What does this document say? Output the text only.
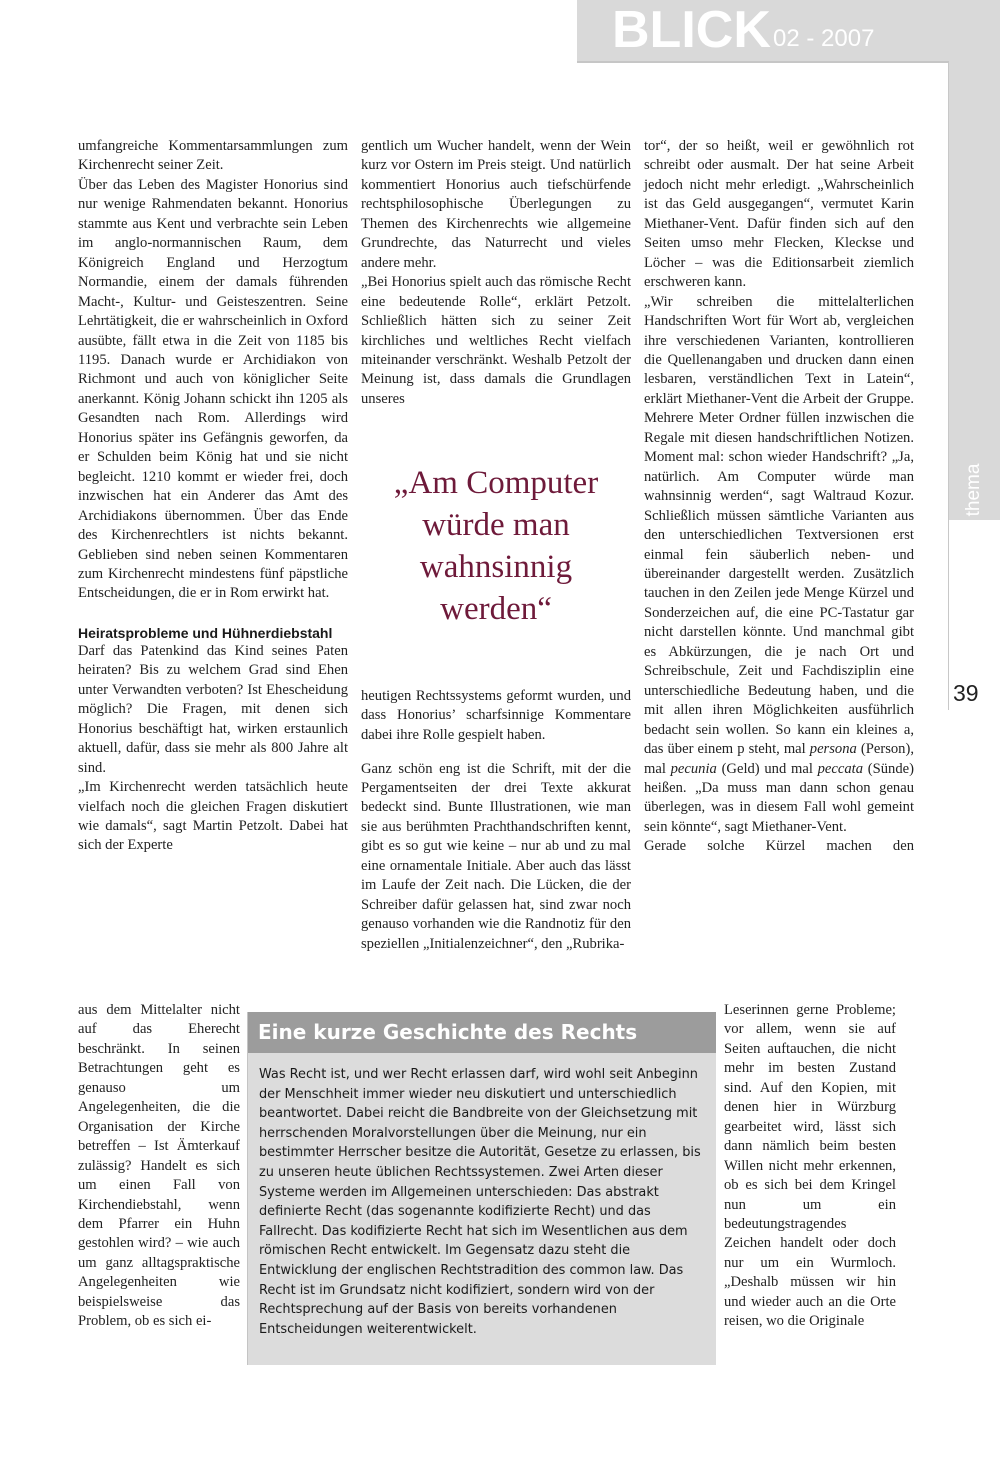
BLICK 02 - 2007
thema
39

umfangreiche Kommentarsammlungen zum Kirchenrecht seiner Zeit.

Über das Leben des Magister Honorius sind nur wenige Rahmendaten bekannt. Honorius stammte aus Kent und verbrachte sein Leben im anglo-normannischen Raum, dem Königreich England und Herzogtum Normandie, einem der damals führenden Macht-, Kultur- und Geisteszentren. Seine Lehrtätigkeit, die er wahrscheinlich in Oxford ausübte, fällt etwa in die Zeit von 1185 bis 1195. Danach wurde er Archidiakon von Richmont und auch von königlicher Seite anerkannt. König Johann schickt ihn 1205 als Gesandten nach Rom. Allerdings wird Honorius später ins Gefängnis geworfen, da er Schulden beim König hat und sie nicht begleicht. 1210 kommt er wieder frei, doch inzwischen hat ein Anderer das Amt des Archidiakons übernommen. Über das Ende des Kirchenrechtlers ist nichts bekannt. Geblieben sind neben seinen Kommentaren zum Kirchenrecht mindestens fünf päpstliche Entscheidungen, die er in Rom erwirkt hat.

Heiratsprobleme und Hühnerdiebstahl

Darf das Patenkind das Kind seines Paten heiraten? Bis zu welchem Grad sind Ehen unter Verwandten verboten? Ist Ehescheidung möglich? Die Fragen, mit denen sich Honorius beschäftigt hat, wirken erstaunlich aktuell, dafür, dass sie mehr als 800 Jahre alt sind.

„Im Kirchenrecht werden tatsächlich heute vielfach noch die gleichen Fragen diskutiert wie damals“, sagt Martin Petzolt. Dabei hat sich der Experte

aus dem Mittelalter nicht auf das Eherecht beschränkt. In seinen Betrachtungen geht es genauso um Angelegenheiten, die die Organisation der Kirche betreffen – Ist Ämterkauf zulässig? Handelt es sich um einen Fall von Kirchendiebstahl, wenn dem Pfarrer ein Huhn gestohlen wird? – wie auch um ganz alltagspraktische Angelegenheiten wie beispielsweise das Problem, ob es sich ei-

gentlich um Wucher handelt, wenn der Wein kurz vor Ostern im Preis steigt. Und natürlich kommentiert Honorius auch tiefschürfende rechtsphilosophische Überlegungen zu Themen des Kirchenrechts wie allgemeine Grundrechte, das Naturrecht und vieles andere mehr.

„Bei Honorius spielt auch das römische Recht eine bedeutende Rolle“, erklärt Petzolt. Schließlich hätten sich zu seiner Zeit kirchliches und weltliches Recht vielfach miteinander verschränkt. Weshalb Petzolt der Meinung ist, dass damals die Grundlagen unseres

„Am Computer würde man wahnsinnig werden“

heutigen Rechtssystems geformt wurden, und dass Honorius’ scharfsinnige Kommentare dabei ihre Rolle gespielt haben.

Ganz schön eng ist die Schrift, mit der die Pergamentseiten der drei Texte akkurat bedeckt sind. Bunte Illustrationen, wie man sie aus berühmten Prachthandschriften kennt, gibt es so gut wie keine – nur ab und zu mal eine ornamentale Initiale. Aber auch das lässt im Laufe der Zeit nach. Die Lücken, die der Schreiber dafür gelassen hat, sind zwar noch genauso vorhanden wie die Randnotiz für den speziellen „Initialenzeichner“, den „Rubrika-

tor“, der so heißt, weil er gewöhnlich rot schreibt oder ausmalt. Der hat seine Arbeit jedoch nicht mehr erledigt. „Wahrscheinlich ist das Geld ausgegangen“, vermutet Karin Miethaner-Vent. Dafür finden sich auf den Seiten umso mehr Flecken, Kleckse und Löcher – was die Editionsarbeit ziemlich erschweren kann.

„Wir schreiben die mittelalterlichen Handschriften Wort für Wort ab, vergleichen ihre verschiedenen Varianten, kontrollieren die Quellenangaben und drucken dann einen lesbaren, verständlichen Text in Latein“, erklärt Miethaner-Vent die Arbeit der Gruppe. Mehrere Meter Ordner füllen inzwischen die Regale mit diesen handschriftlichen Notizen. Moment mal: schon wieder Handschrift? „Ja, natürlich. Am Computer würde man wahnsinnig werden“, sagt Waltraud Kozur. Schließlich müssen sämtliche Varianten aus den unterschiedlichen Textversionen erst einmal fein säuberlich neben- und übereinander dargestellt werden. Zusätzlich tauchen in den Zeilen jede Menge Kürzel und Sonderzeichen auf, die eine PC-Tastatur gar nicht darstellen könnte. Und manchmal gibt es Abkürzungen, die je nach Ort und Schreibschule, Zeit und Fachdisziplin eine unterschiedliche Bedeutung haben, und die mit allen ihren Möglichkeiten ausführlich bedacht sein wollen. So kann ein kleines a, das über einem p steht, mal persona (Person), mal pecunia (Geld) und mal peccata (Sünde) heißen. „Da muss man dann schon genau überlegen, was in diesem Fall wohl gemeint sein könnte“, sagt Miethaner-Vent.

Gerade solche Kürzel machen den

Leserinnen gerne Probleme; vor allem, wenn sie auf Seiten auftauchen, die nicht mehr im besten Zustand sind. Auf den Kopien, mit denen hier in Würzburg gearbeitet wird, lässt sich dann nämlich beim besten Willen nicht mehr erkennen, ob es sich bei dem Kringel nun um ein bedeutungstragendes Zeichen handelt oder doch nur um ein Wurmloch. „Deshalb müssen wir hin und wieder auch an die Orte reisen, wo die Originale
Eine kurze Geschichte des Rechts

Was Recht ist, und wer Recht erlassen darf, wird wohl seit Anbeginn der Menschheit immer wieder neu diskutiert und unterschiedlich beantwortet. Dabei reicht die Bandbreite von der Gleichsetzung mit herrschenden Moralvorstellungen über die Meinung, nur ein bestimmter Herrscher besitze die Autorität, Gesetze zu erlassen, bis zu unseren heute üblichen Rechtssystemen. Zwei Arten dieser Systeme werden im Allgemeinen unterschieden: Das abstrakt definierte Recht (das sogenannte kodifizierte Recht) und das Fallrecht. Das kodifizierte Recht hat sich im Wesentlichen aus dem römischen Recht entwickelt. Im Gegensatz dazu steht die Entwicklung der englischen Rechtstradition des common law. Das Recht ist im Grundsatz nicht kodifiziert, sondern wird von der Rechtsprechung auf der Basis von bereits vorhandenen Entscheidungen weiterentwickelt.
